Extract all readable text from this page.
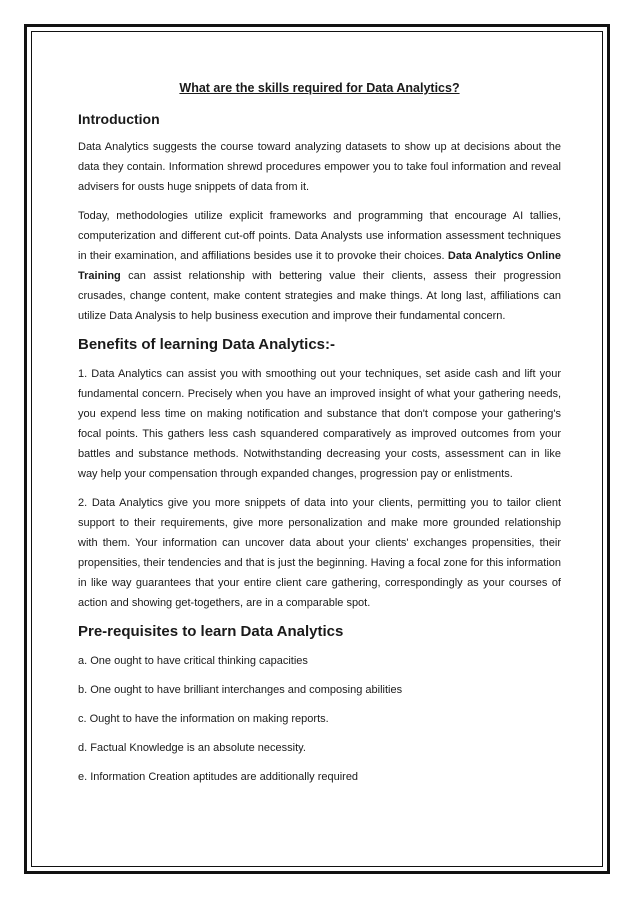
What are the skills required for Data Analytics?
Introduction

Data Analytics suggests the course toward analyzing datasets to show up at decisions about the data they contain. Information shrewd procedures empower you to take foul information and reveal advisers for ousts huge snippets of data from it.

Today, methodologies utilize explicit frameworks and programming that encourage AI tallies, computerization and different cut-off points. Data Analysts use information assessment techniques in their examination, and affiliations besides use it to provoke their choices. Data Analytics Online Training can assist relationship with bettering value their clients, assess their progression crusades, change content, make content strategies and make things. At long last, affiliations can utilize Data Analysis to help business execution and improve their fundamental concern.

Benefits of learning Data Analytics:-

1. Data Analytics can assist you with smoothing out your techniques, set aside cash and lift your fundamental concern. Precisely when you have an improved insight of what your gathering needs, you expend less time on making notification and substance that don't compose your gathering's focal points. This gathers less cash squandered comparatively as improved outcomes from your battles and substance methods. Notwithstanding decreasing your costs, assessment can in like way help your compensation through expanded changes, progression pay or enlistments.

2. Data Analytics give you more snippets of data into your clients, permitting you to tailor client support to their requirements, give more personalization and make more grounded relationship with them. Your information can uncover data about your clients' exchanges propensities, their propensities, their tendencies and that is just the beginning. Having a focal zone for this information in like way guarantees that your entire client care gathering, correspondingly as your courses of action and showing get-togethers, are in a comparable spot.

Pre-requisites to learn Data Analytics

a. One ought to have critical thinking capacities

b. One ought to have brilliant interchanges and composing abilities

c. Ought to have the information on making reports.

d. Factual Knowledge is an absolute necessity.

e. Information Creation aptitudes are additionally required
